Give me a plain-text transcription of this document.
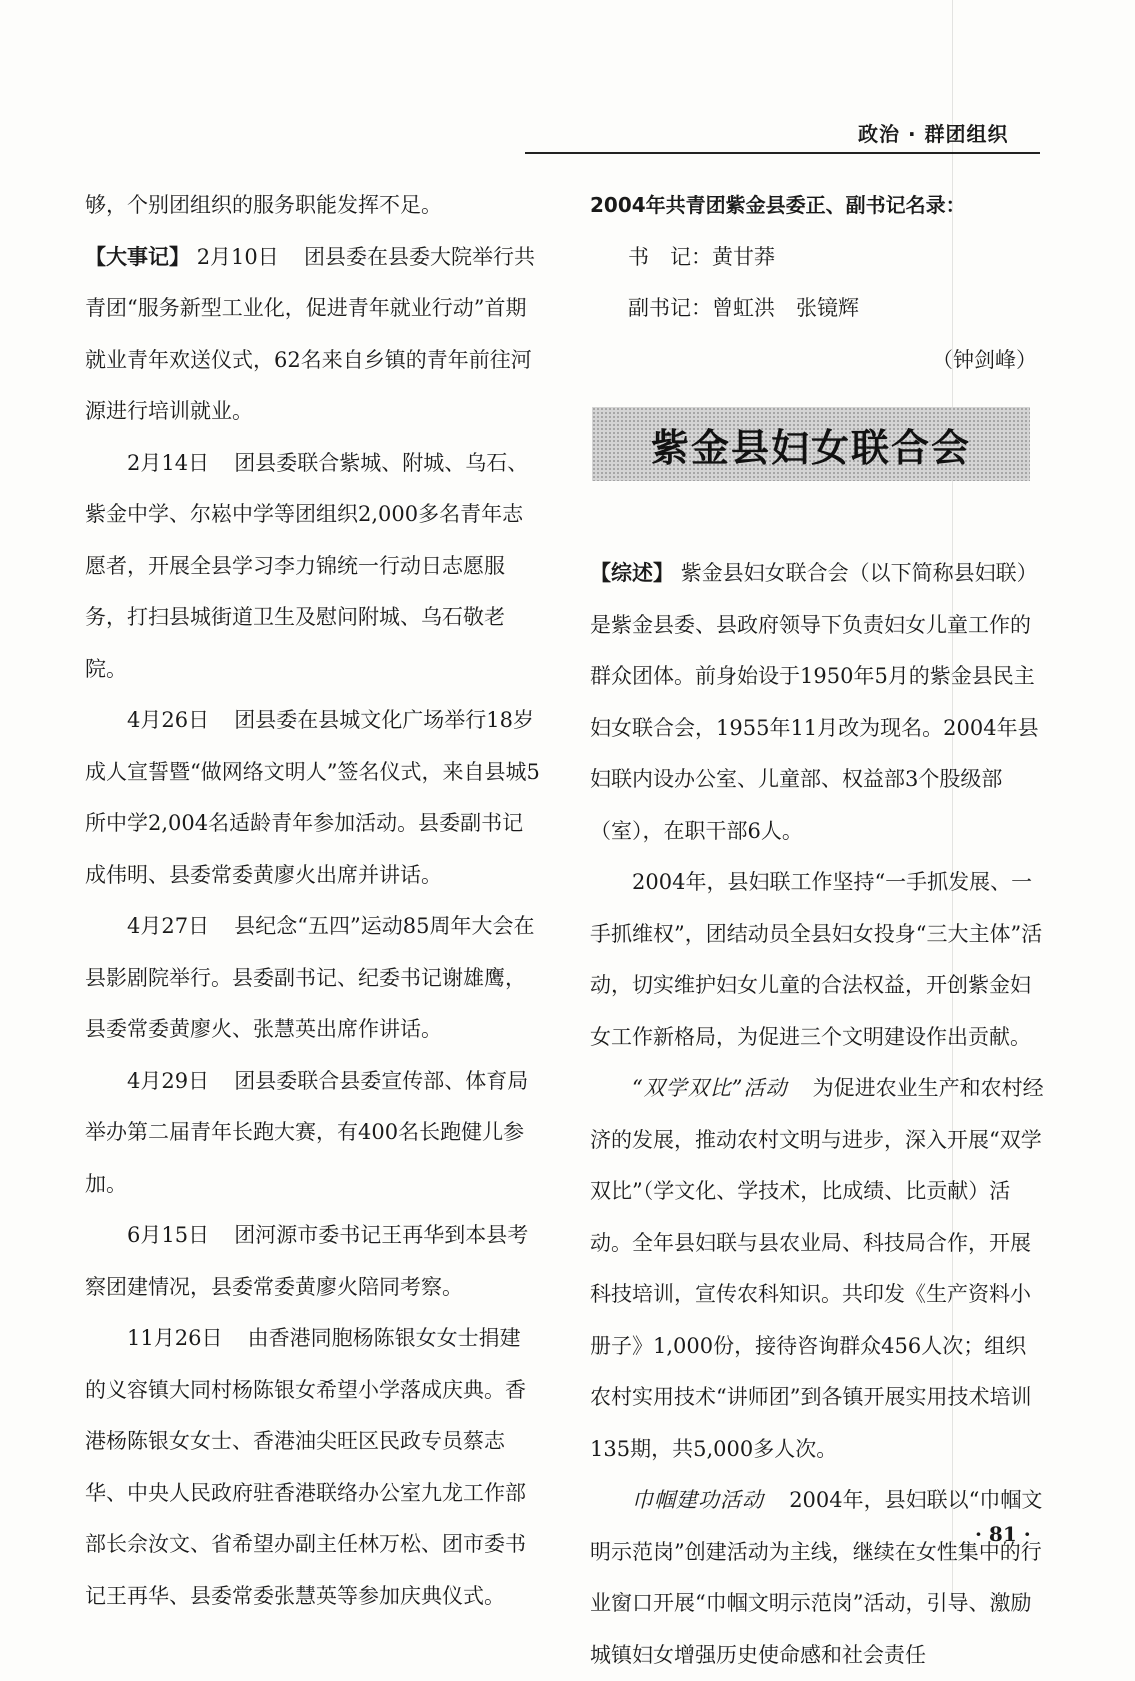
政治 · 群团组织

够，个别团组织的服务职能发挥不足。

【大事记】 2月10日 团县委在县委大院举行共青团“服务新型工业化，促进青年就业行动”首期就业青年欢送仪式，62名来自乡镇的青年前往河源进行培训就业。

2月14日 团县委联合紫城、附城、乌石、紫金中学、尔崧中学等团组织2,000多名青年志愿者，开展全县学习李力锦统一行动日志愿服务，打扫县城街道卫生及慰问附城、乌石敬老院。

4月26日 团县委在县城文化广场举行18岁成人宣誓暨“做网络文明人”签名仪式，来自县城5所中学2,004名适龄青年参加活动。县委副书记成伟明、县委常委黄廖火出席并讲话。

4月27日 县纪念“五四”运动85周年大会在县影剧院举行。县委副书记、纪委书记谢雄鹰，县委常委黄廖火、张慧英出席作讲话。

4月29日 团县委联合县委宣传部、体育局举办第二届青年长跑大赛，有400名长跑健儿参加。

6月15日 团河源市委书记王再华到本县考察团建情况，县委常委黄廖火陪同考察。

11月26日 由香港同胞杨陈银女女士捐建的义容镇大同村杨陈银女希望小学落成庆典。香港杨陈银女女士、香港油尖旺区民政专员蔡志华、中央人民政府驻香港联络办公室九龙工作部部长佘汝文、省希望办副主任林万松、团市委书记王再华、县委常委张慧英等参加庆典仪式。

2004年共青团紫金县委正、副书记名录：

书　记：黄甘莽

副书记：曾虹洪　张镜辉

（钟剑峰）

【综述】 紫金县妇女联合会（以下简称县妇联）是紫金县委、县政府领导下负责妇女儿童工作的群众团体。前身始设于1950年5月的紫金县民主妇女联合会，1955年11月改为现名。2004年县妇联内设办公室、儿童部、权益部3个股级部（室），在职干部6人。

2004年，县妇联工作坚持“一手抓发展、一手抓维权”，团结动员全县妇女投身“三大主体”活动，切实维护妇女儿童的合法权益，开创紫金妇女工作新格局，为促进三个文明建设作出贡献。

“双学双比”活动 为促进农业生产和农村经济的发展，推动农村文明与进步，深入开展“双学双比”（学文化、学技术，比成绩、比贡献）活动。全年县妇联与县农业局、科技局合作，开展科技培训，宣传农科知识。共印发《生产资料小册子》1,000份，接待咨询群众456人次；组织农村实用技术“讲师团”到各镇开展实用技术培训135期，共5,000多人次。

巾帼建功活动 2004年，县妇联以“巾帼文明示范岗”创建活动为主线，继续在女性集中的行业窗口开展“巾帼文明示范岗”活动，引导、激励城镇妇女增强历史使命感和社会责任

紫金县妇女联合会
· 81 ·
